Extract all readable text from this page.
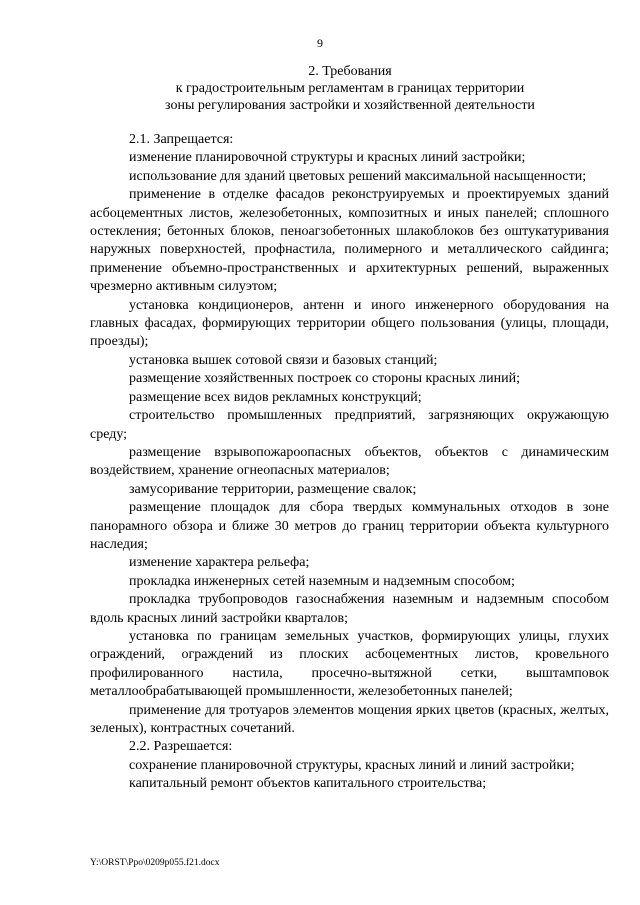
9
2. Требования
к градостроительным регламентам в границах территории
зоны регулирования застройки и хозяйственной деятельности

2.1. Запрещается:

изменение планировочной структуры и красных линий застройки;

использование для зданий цветовых решений максимальной насыщенности;

применение в отделке фасадов реконструируемых и проектируемых зданий асбоцементных листов, железобетонных, композитных и иных панелей; сплошного остекления; бетонных блоков, пеноагзобетонных шлакоблоков без оштукатуривания наружных поверхностей, профнастила, полимерного и металлического сайдинга; применение объемно-пространственных и архитектурных решений, выраженных чрезмерно активным силуэтом;

установка кондиционеров, антенн и иного инженерного оборудования на главных фасадах, формирующих территории общего пользования (улицы, площади, проезды);

установка вышек сотовой связи и базовых станций;

размещение хозяйственных построек со стороны красных линий;

размещение всех видов рекламных конструкций;

строительство промышленных предприятий, загрязняющих окружающую среду;

размещение взрывопожароопасных объектов, объектов с динамическим воздействием, хранение огнеопасных материалов;

замусоривание территории, размещение свалок;

размещение площадок для сбора твердых коммунальных отходов в зоне панорамного обзора и ближе 30 метров до границ территории объекта культурного наследия;

изменение характера рельефа;

прокладка инженерных сетей наземным и надземным способом;

прокладка трубопроводов газоснабжения наземным и надземным способом вдоль красных линий застройки кварталов;

установка по границам земельных участков, формирующих улицы, глухих ограждений, ограждений из плоских асбоцементных листов, кровельного профилированного настила, просечно-вытяжной сетки, выштамповок металлообрабатывающей промышленности, железобетонных панелей;

применение для тротуаров элементов мощения ярких цветов (красных, желтых, зеленых), контрастных сочетаний.

2.2. Разрешается:

сохранение планировочной структуры, красных линий и линий застройки;

капитальный ремонт объектов капитального строительства;

Y:\ORST\Ppo\0209p055.f21.docx
